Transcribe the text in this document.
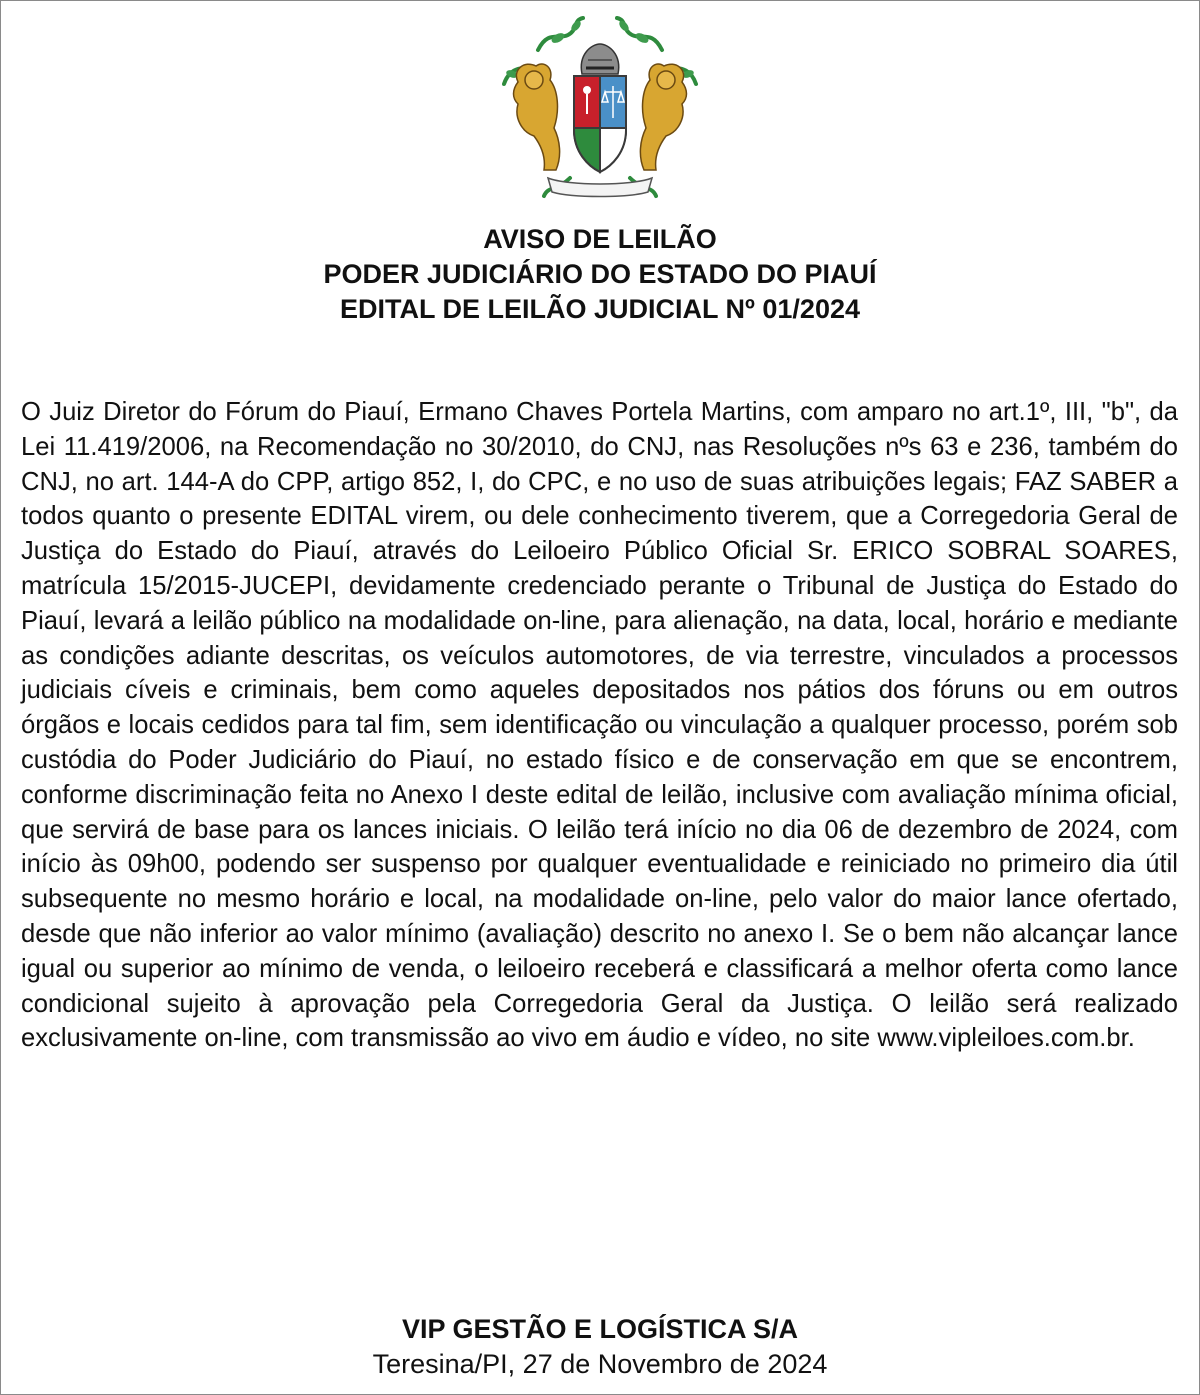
AVISO DE LEILÃO
PODER JUDICIÁRIO DO ESTADO DO PIAUÍ
EDITAL DE LEILÃO JUDICIAL Nº 01/2024

O Juiz Diretor do Fórum do Piauí, Ermano Chaves Portela Martins, com amparo no art.1º, III, "b", da Lei 11.419/2006, na Recomendação no 30/2010, do CNJ, nas Resoluções nºs 63 e 236, também do CNJ, no art. 144-A do CPP, artigo 852, I, do CPC, e no uso de suas atribuições legais; FAZ SABER a todos quanto o presente EDITAL virem, ou dele conhecimento tiverem, que a Corregedoria Geral de Justiça do Estado do Piauí, através do Leiloeiro Público Oficial Sr. ERICO SOBRAL SOARES, matrícula 15/2015-JUCEPI, devidamente credenciado perante o Tribunal de Justiça do Estado do Piauí, levará a leilão público na modalidade on-line, para alienação, na data, local, horário e mediante as condições adiante descritas, os veículos automotores, de via terrestre, vinculados a processos judiciais cíveis e criminais, bem como aqueles depositados nos pátios dos fóruns ou em outros órgãos e locais cedidos para tal fim, sem identificação ou vinculação a qualquer processo, porém sob custódia do Poder Judiciário do Piauí, no estado físico e de conservação em que se encontrem, conforme discriminação feita no Anexo I deste edital de leilão, inclusive com avaliação mínima oficial, que servirá de base para os lances iniciais. O leilão terá início no dia 06 de dezembro de 2024, com início às 09h00, podendo ser suspenso por qualquer eventualidade e reiniciado no primeiro dia útil subsequente no mesmo horário e local, na modalidade on-line, pelo valor do maior lance ofertado, desde que não inferior ao valor mínimo (avaliação) descrito no anexo I. Se o bem não alcançar lance igual ou superior ao mínimo de venda, o leiloeiro receberá e classificará a melhor oferta como lance condicional sujeito à aprovação pela Corregedoria Geral da Justiça. O leilão será realizado exclusivamente on-line, com transmissão ao vivo em áudio e vídeo, no site www.vipleiloes.com.br.

VIP GESTÃO E LOGÍSTICA S/A
Teresina/PI, 27 de Novembro de 2024
